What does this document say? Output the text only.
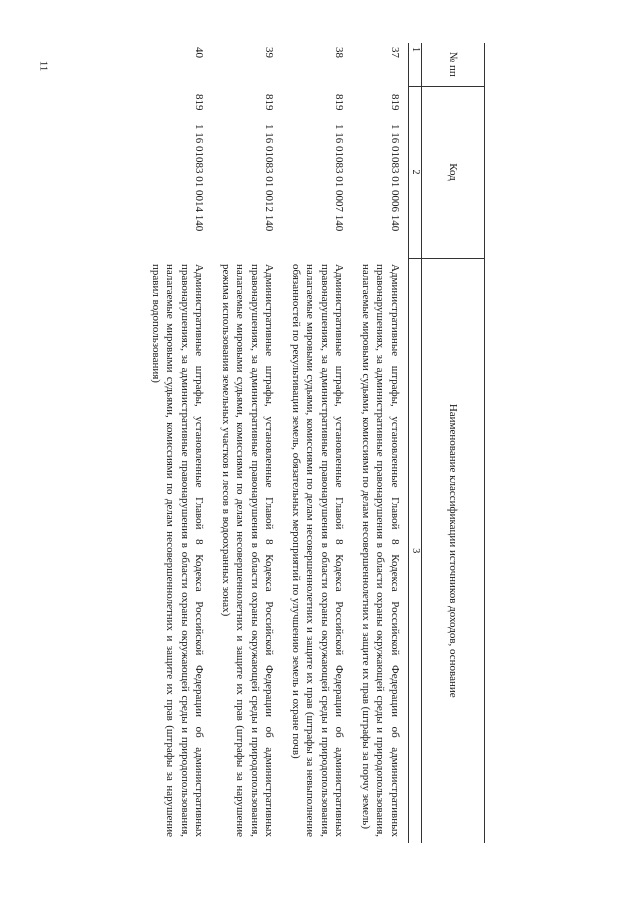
11	№ пп	Код	Наименование классификации источников доходов, основание
1	2	3
37	8191 16 01083 01 0006 140	Административные штрафы, установленные Главой 8 Кодекса Российской Федерации об административных правонарушениях, за административные правонарушения в области охраны окружающей среды и природопользования, налагаемые мировыми судьями, комиссиями по делам несовершеннолетних и защите их прав (штрафы за порчу земель)
38	8191 16 01083 01 0007 140	Административные штрафы, установленные Главой 8 Кодекса Российской Федерации об административных правонарушениях, за административные правонарушения в области охраны окружающей среды и природопользования, налагаемые мировыми судьями, комиссиями по делам несовершеннолетних и защите их прав (штрафы за невыполнение обязанностей по рекультивации земель, обязательных мероприятий по улучшению земель и охране почв)
39	8191 16 01083 01 0012 140	Административные штрафы, установленные Главой 8 Кодекса Российской Федерации об административных правонарушениях, за административные правонарушения в области охраны окружающей среды и природопользования, налагаемые мировыми судьями, комиссиями по делам несовершеннолетних и защите их прав (штрафы за нарушение режима использования земельных участков и лесов в водоохранных зонах)
40	8191 16 01083 01 0014 140	Административные штрафы, установленные Главой 8 Кодекса Российской Федерации об административных правонарушениях, за административные правонарушения в области охраны окружающей среды и природопользования, налагаемые мировыми судьями, комиссиями по делам несовершеннолетних и защите их прав (штрафы за нарушение правил водопользования)
